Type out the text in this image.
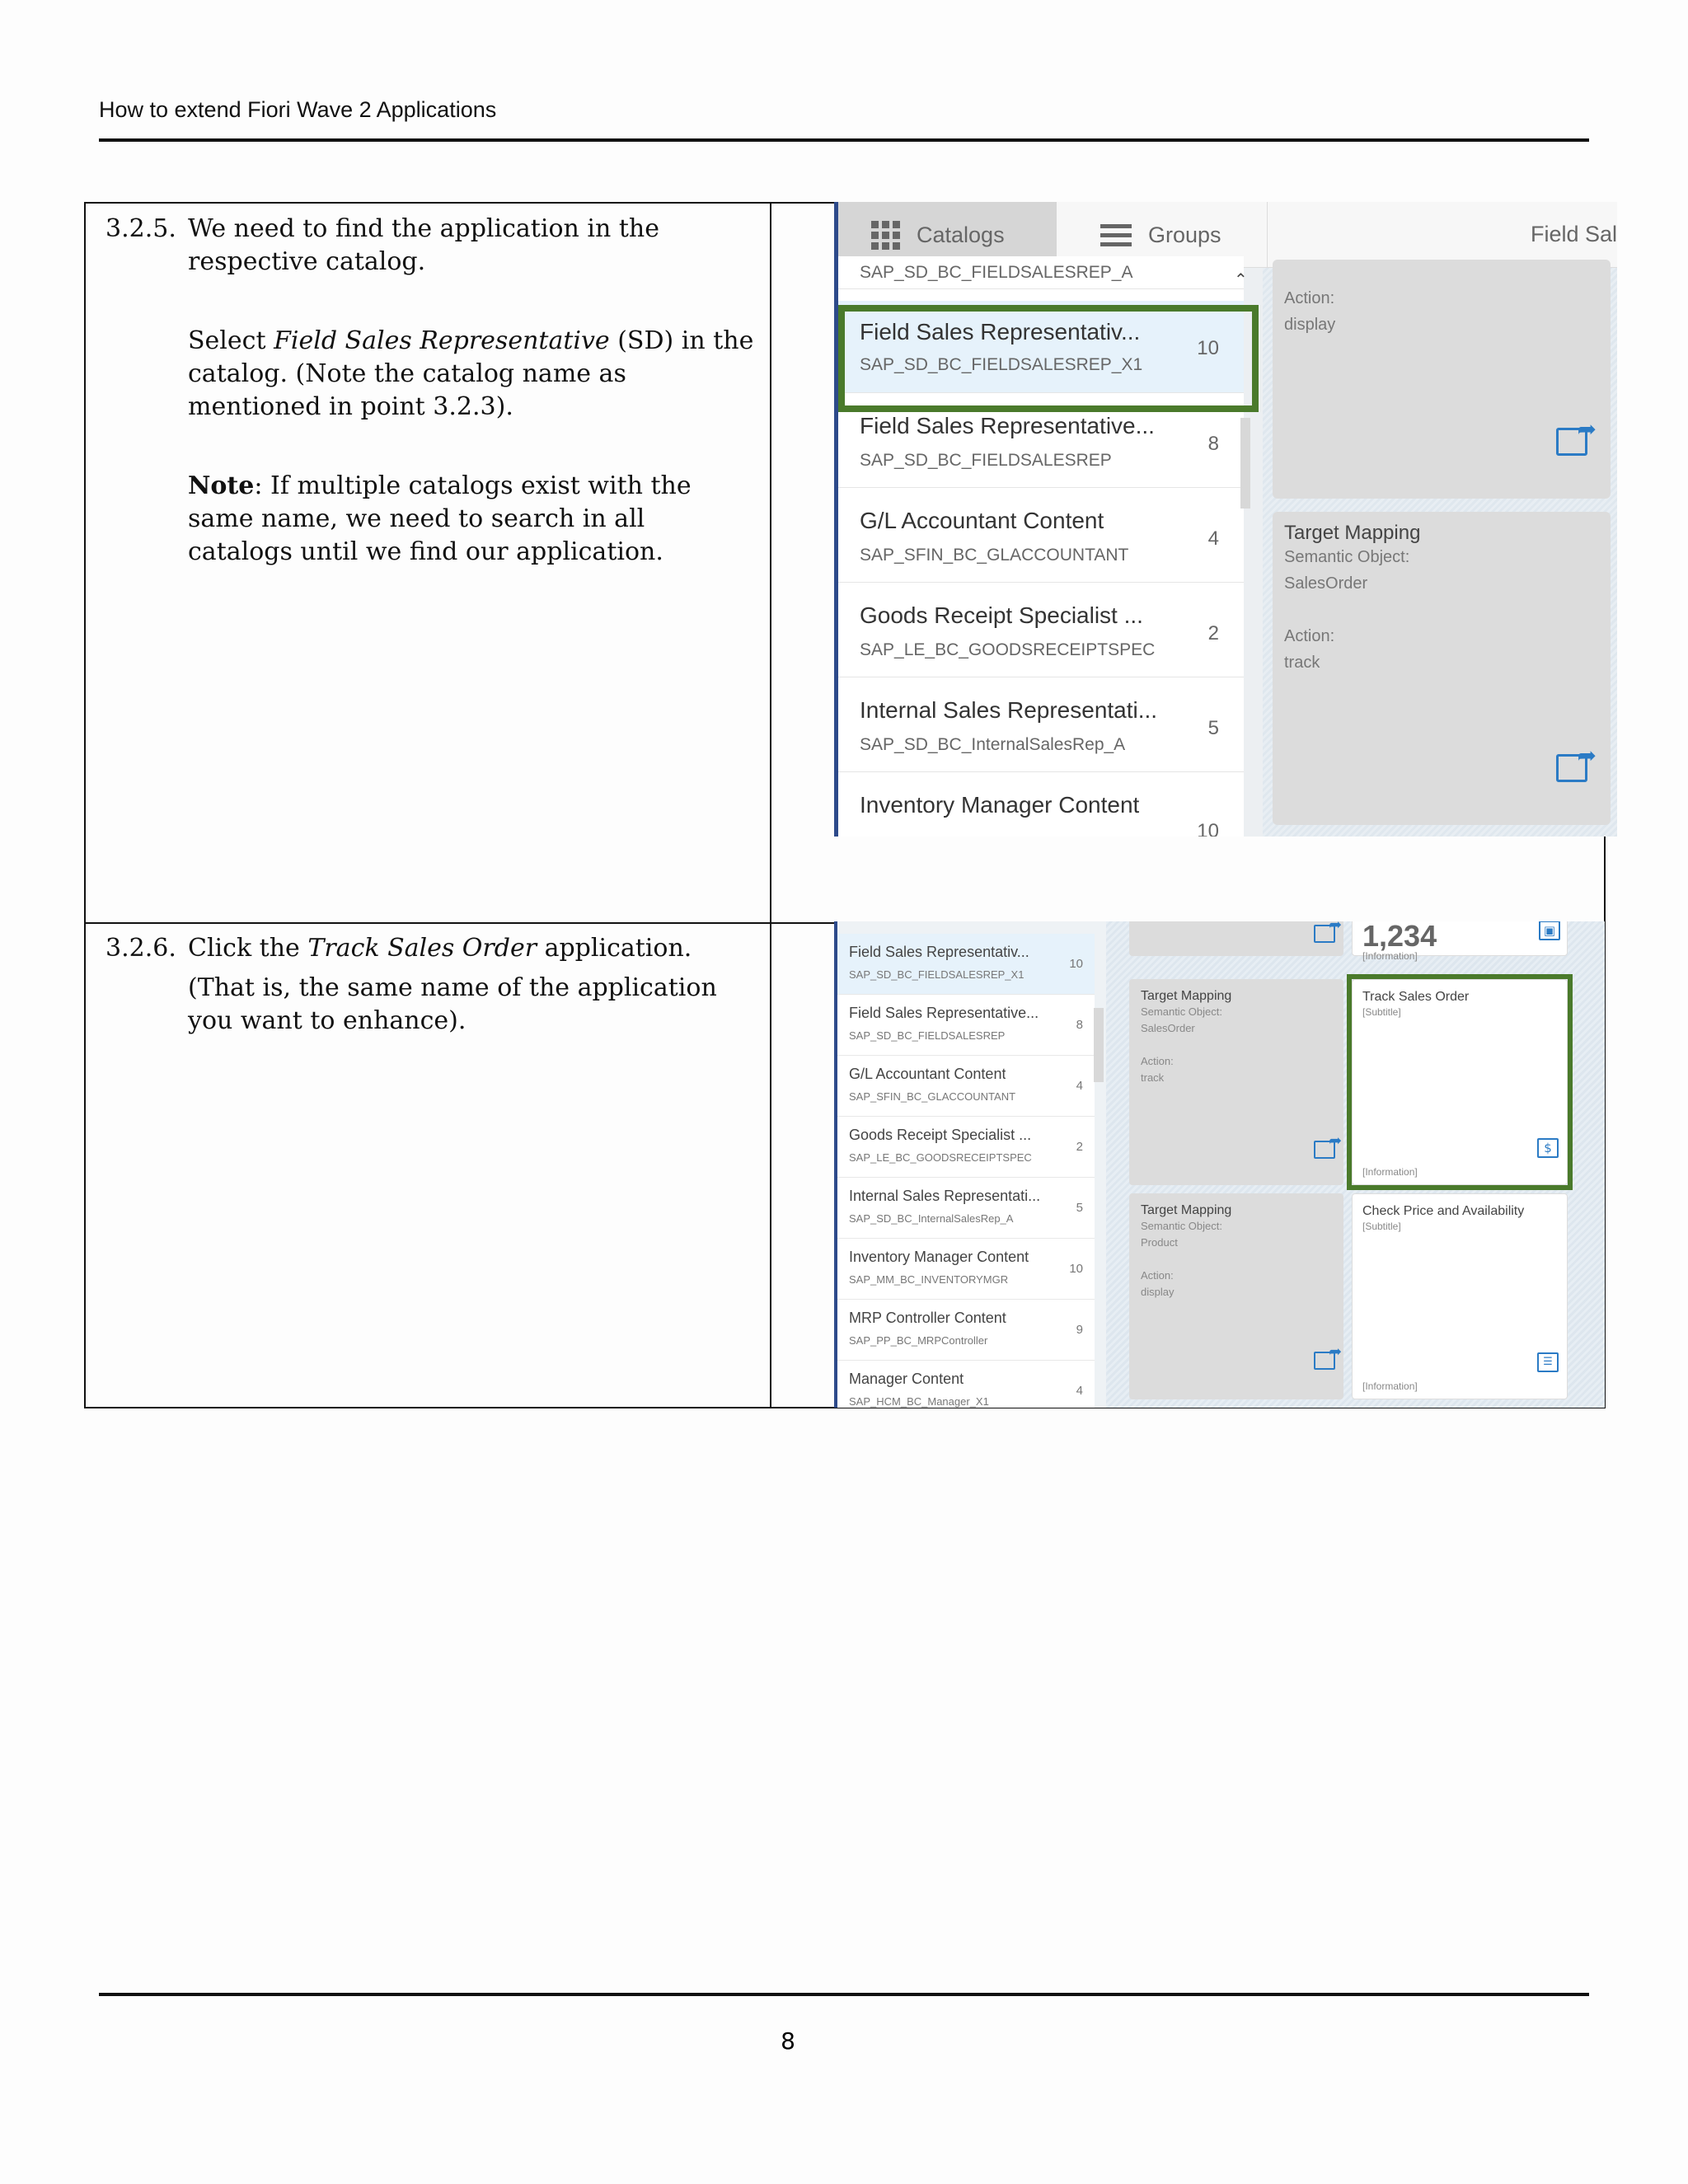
How to extend Fiori Wave 2 Applications
3.2.5. We need to find the application in the respective catalog.

Select Field Sales Representative (SD) in the catalog. (Note the catalog name as mentioned in point 3.2.3).

Note: If multiple catalogs exist with the same name, we need to search in all catalogs until we find our application.

3.2.6. Click the Track Sales Order application.

(That is, the same name of the application you want to enhance).

Catalogs	Groups	Field Sal
SAP_SD_BC_FIELDSALESREP_A
Field Sales Representativ...
SAP_SD_BC_FIELDSALESREP_X1
10
Field Sales Representative...
SAP_SD_BC_FIELDSALESREP
8
G/L Accountant Content
SAP_SFIN_BC_GLACCOUNTANT
4
Goods Receipt Specialist ...
SAP_LE_BC_GOODSRECEIPTSPEC
2
Internal Sales Representati...
SAP_SD_BC_InternalSalesRep_A
5
Inventory Manager Content
10
⌃
Action:
display
➦
Target Mapping
Semantic Object:
SalesOrder
Action:
track
➦
Field Sales Representativ...
SAP_SD_BC_FIELDSALESREP_X1
10
Field Sales Representative...
SAP_SD_BC_FIELDSALESREP
8
G/L Accountant Content
SAP_SFIN_BC_GLACCOUNTANT
4
Goods Receipt Specialist ...
SAP_LE_BC_GOODSRECEIPTSPEC
2
Internal Sales Representati...
SAP_SD_BC_InternalSalesRep_A
5
Inventory Manager Content
SAP_MM_BC_INVENTORYMGR
10
MRP Controller Content
SAP_PP_BC_MRPController
9
Manager Content
SAP_HCM_BC_Manager_X1
4
➦
1,234
[Information]
▣
Target Mapping
Semantic Object:
SalesOrder
Action:
track
➦
Track Sales Order
[Subtitle]
[Information]
$
Target Mapping
Semantic Object:
Product
Action:
display
➦
Check Price and Availability
[Subtitle]
[Information]
☰
8
